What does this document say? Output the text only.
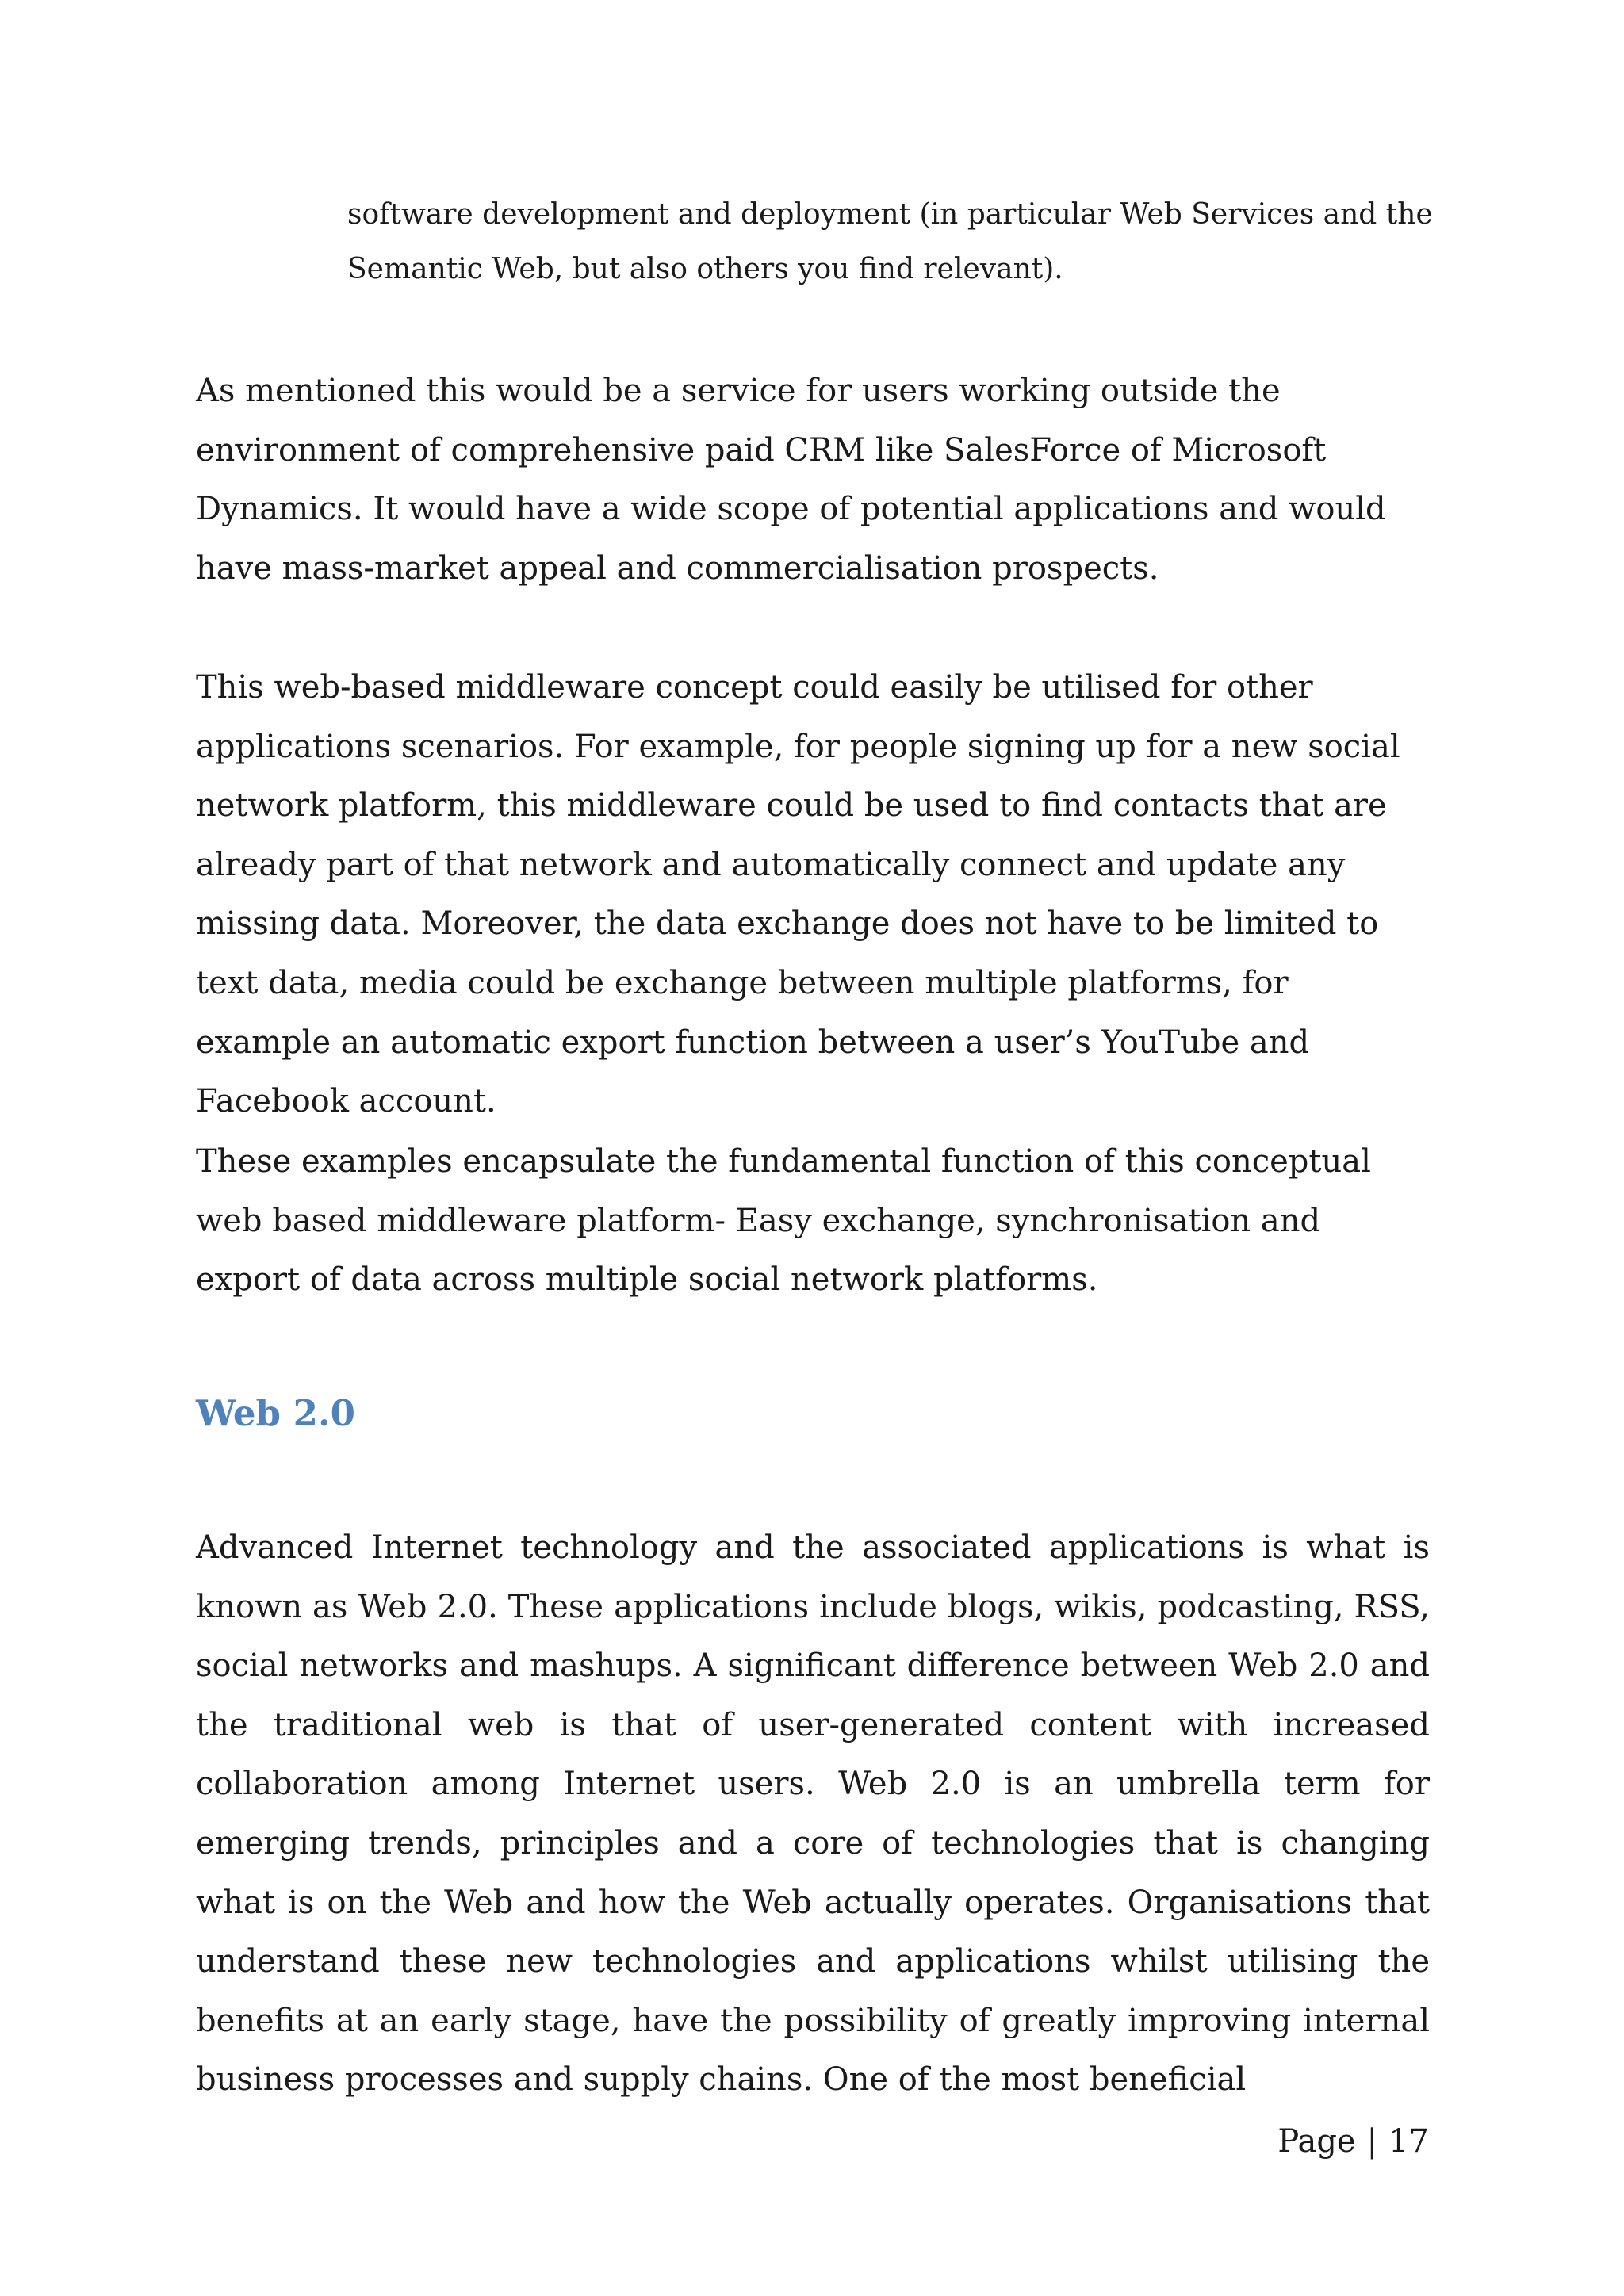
software development and deployment (in particular Web Services and the Semantic Web, but also others you find relevant).

As mentioned this would be a service for users working outside the environment of comprehensive paid CRM like SalesForce of Microsoft Dynamics. It would have a wide scope of potential applications and would have mass-market appeal and commercialisation prospects.

This web-based middleware concept could easily be utilised for other applications scenarios. For example, for people signing up for a new social network platform, this middleware could be used to find contacts that are already part of that network and automatically connect and update any missing data. Moreover, the data exchange does not have to be limited to text data, media could be exchange between multiple platforms, for example an automatic export function between a user’s YouTube and Facebook account.

These examples encapsulate the fundamental function of this conceptual web based middleware platform- Easy exchange, synchronisation and export of data across multiple social network platforms.

Web 2.0

Advanced Internet technology and the associated applications is what is known as Web 2.0. These applications include blogs, wikis, podcasting, RSS, social networks and mashups. A significant difference between Web 2.0 and the traditional web is that of user-generated content with increased collaboration among Internet users. Web 2.0 is an umbrella term for emerging trends, principles and a core of technologies that is changing what is on the Web and how the Web actually operates. Organisations that understand these new technologies and applications whilst utilising the benefits at an early stage, have the possibility of greatly improving internal business processes and supply chains. One of the most beneficial

Page | 17
